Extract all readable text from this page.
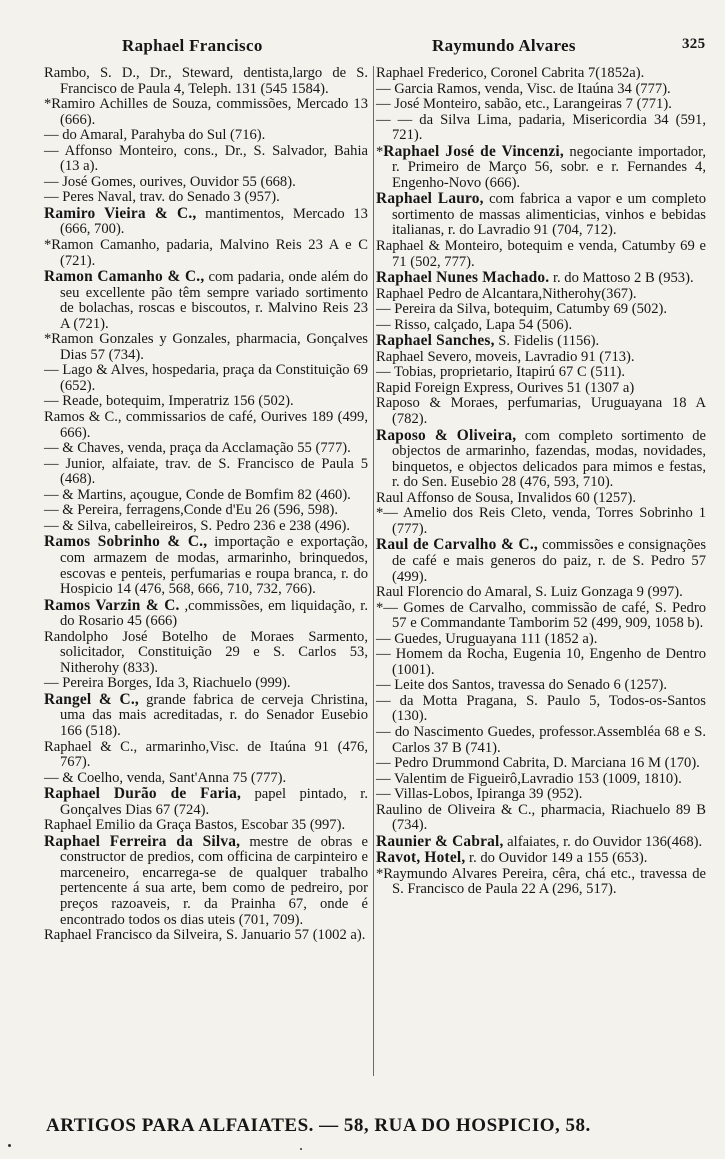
Raphael Francisco	Raymundo Alvares	325

Rambo, S. D., Dr., Steward, dentista,largo de S. Francisco de Paula 4, Teleph. 131 (545 1584).

*Ramiro Achilles de Souza, commissões, Mercado 13 (666).

— do Amaral, Parahyba do Sul (716).

— Affonso Monteiro, cons., Dr., S. Salvador, Bahia (13 a).

— José Gomes, ourives, Ouvidor 55 (668).

— Peres Naval, trav. do Senado 3 (957).

Ramiro Vieira & C., mantimentos, Mercado 13 (666, 700).

*Ramon Camanho, padaria, Malvino Reis 23 A e C (721).

Ramon Camanho & C., com padaria, onde além do seu excellente pão têm sempre variado sortimento de bolachas, roscas e biscoutos, r. Malvino Reis 23 A (721).

*Ramon Gonzales y Gonzales, pharmacia, Gonçalves Dias 57 (734).

— Lago & Alves, hospedaria, praça da Constituição 69 (652).

— Reade, botequim, Imperatriz 156 (502).

Ramos & C., commissarios de café, Ourives 189 (499, 666).

— & Chaves, venda, praça da Acclamação 55 (777).

— Junior, alfaiate, trav. de S. Francisco de Paula 5 (468).

— & Martins, açougue, Conde de Bomfim 82 (460).

— & Pereira, ferragens,Conde d'Eu 26 (596, 598).

— & Silva, cabelleireiros, S. Pedro 236 e 238 (496).

Ramos Sobrinho & C., importação e exportação, com armazem de modas, armarinho, brinquedos, escovas e penteis, perfumarias e roupa branca, r. do Hospicio 14 (476, 568, 666, 710, 732, 766).

Ramos Varzin & C. ,commissões, em liquidação, r. do Rosario 45 (666)

Randolpho José Botelho de Moraes Sarmento, solicitador, Constituição 29 e S. Carlos 53, Nitherohy (833).

— Pereira Borges, Ida 3, Riachuelo (999).

Rangel & C., grande fabrica de cerveja Christina, uma das mais acreditadas, r. do Senador Eusebio 166 (518).

Raphael & C., armarinho,Visc. de Itaúna 91 (476, 767).

— & Coelho, venda, Sant'Anna 75 (777).

Raphael Durão de Faria, papel pintado, r. Gonçalves Dias 67 (724).

Raphael Emilio da Graça Bastos, Escobar 35 (997).

Raphael Ferreira da Silva, mestre de obras e constructor de predios, com officina de carpinteiro e marceneiro, encarrega-se de qualquer trabalho pertencente á sua arte, bem como de pedreiro, por preços razoaveis, r. da Prainha 67, onde é encontrado todos os dias uteis (701, 709).

Raphael Francisco da Silveira, S. Januario 57 (1002 a).

Raphael Frederico, Coronel Cabrita 7(1852a).

— Garcia Ramos, venda, Visc. de Itaúna 34 (777).

— José Monteiro, sabão, etc., Larangeiras 7 (771).

— — da Silva Lima, padaria, Misericordia 34 (591, 721).

*Raphael José de Vincenzi, negociante importador, r. Primeiro de Março 56, sobr. e r. Fernandes 4, Engenho-Novo (666).

Raphael Lauro, com fabrica a vapor e um completo sortimento de massas alimenticias, vinhos e bebidas italianas, r. do Lavradio 91 (704, 712).

Raphael & Monteiro, botequim e venda, Catumby 69 e 71 (502, 777).

Raphael Nunes Machado. r. do Mattoso 2 B (953).

Raphael Pedro de Alcantara,Nitherohy(367).

— Pereira da Silva, botequim, Catumby 69 (502).

— Risso, calçado, Lapa 54 (506).

Raphael Sanches, S. Fidelis (1156).

Raphael Severo, moveis, Lavradio 91 (713).

— Tobias, proprietario, Itapirú 67 C (511).

Rapid Foreign Express, Ourives 51 (1307 a)

Raposo & Moraes, perfumarias, Uruguayana 18 A (782).

Raposo & Oliveira, com completo sortimento de objectos de armarinho, fazendas, modas, novidades, binquetos, e objectos delicados para mimos e festas, r. do Sen. Eusebio 28 (476, 593, 710).

Raul Affonso de Sousa, Invalidos 60 (1257).

*— Amelio dos Reis Cleto, venda, Torres Sobrinho 1 (777).

Raul de Carvalho & C., commissões e consignações de café e mais generos do paiz, r. de S. Pedro 57 (499).

Raul Florencio do Amaral, S. Luiz Gonzaga 9 (997).

*— Gomes de Carvalho, commissão de café, S. Pedro 57 e Commandante Tamborim 52 (499, 909, 1058 b).

— Guedes, Uruguayana 111 (1852 a).

— Homem da Rocha, Eugenia 10, Engenho de Dentro (1001).

— Leite dos Santos, travessa do Senado 6 (1257).

— da Motta Pragana, S. Paulo 5, Todos-os-Santos (130).

— do Nascimento Guedes, professor.Assembléa 68 e S. Carlos 37 B (741).

— Pedro Drummond Cabrita, D. Marciana 16 M (170).

— Valentim de Figueirô,Lavradio 153 (1009, 1810).

— Villas-Lobos, Ipiranga 39 (952).

Raulino de Oliveira & C., pharmacia, Riachuelo 89 B (734).

Raunier & Cabral, alfaiates, r. do Ouvidor 136(468).

Ravot, Hotel, r. do Ouvidor 149 a 155 (653).

*Raymundo Alvares Pereira, cêra, chá etc., travessa de S. Francisco de Paula 22 A (296, 517).

ARTIGOS PARA ALFAIATES. — 58, RUA DO HOSPICIO, 58.
